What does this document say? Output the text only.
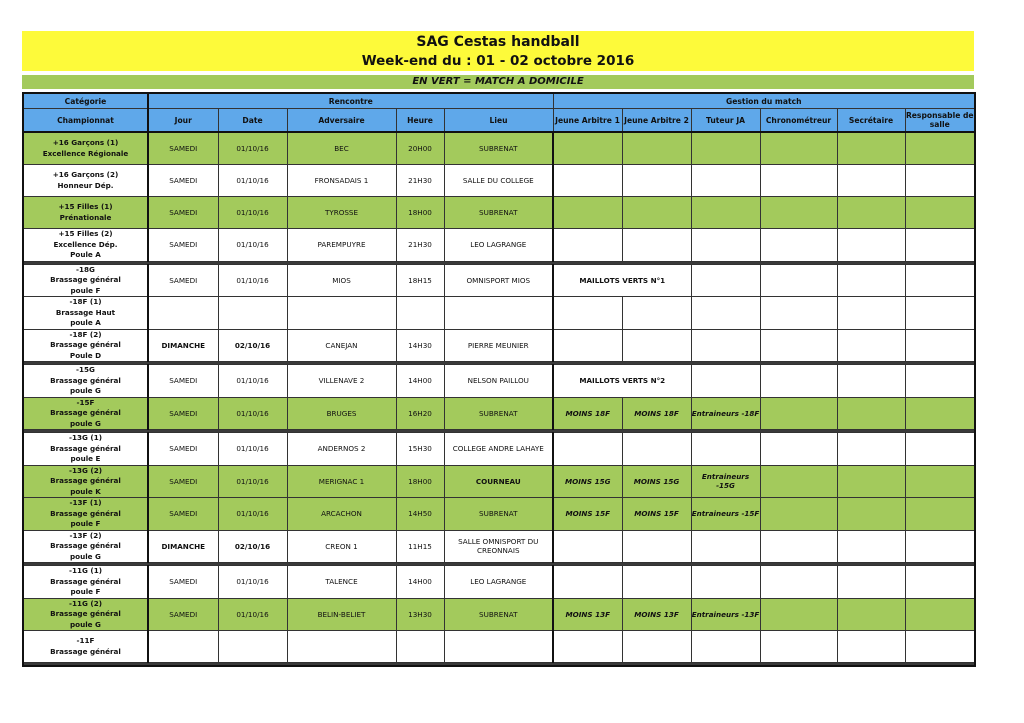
SAG Cestas handball
Week-end du : 01 - 02 octobre 2016
EN VERT = MATCH A DOMICILE
Catégorie	Rencontre					Gestion du match					
Championnat	Jour	Date	Adversaire	Heure	Lieu	Jeune Arbitre 1	Jeune Arbitre 2	Tuteur JA	Chronométreur	Secrétaire	Responsable de salle

+16 Garçons (1)
Excellence Régionale	SAMEDI	01/10/16	BEC	20H00	SUBRENAT						

+16 Garçons (2)
Honneur Dép.	SAMEDI	01/10/16	FRONSADAIS 1	21H30	SALLE DU COLLEGE						

+15 Filles (1)
Prénationale	SAMEDI	01/10/16	TYROSSE	18H00	SUBRENAT						

+15 Filles (2)
Excellence Dép.
Poule A	SAMEDI	01/10/16	PAREMPUYRE	21H30	LEO LAGRANGE						

-18G
Brassage général
poule F	SAMEDI	01/10/16	MIOS	18H15	OMNISPORT MIOS	MAILLOTS VERTS N°1					

-18F (1)
Brassage Haut
poule A											

-18F (2)
Brassage général
Poule D	DIMANCHE	02/10/16	CANEJAN	14H30	PIERRE MEUNIER						

-15G
Brassage général
poule G	SAMEDI	01/10/16	VILLENAVE 2	14H00	NELSON PAILLOU	MAILLOTS VERTS N°2					

-15F
Brassage général
poule G	SAMEDI	01/10/16	BRUGES	16H20	SUBRENAT	MOINS 18F	MOINS 18F	Entraineurs -18F			

-13G (1)
Brassage général
poule E	SAMEDI	01/10/16	ANDERNOS 2	15H30	COLLEGE ANDRE LAHAYE						

-13G (2)
Brassage général
poule K	SAMEDI	01/10/16	MERIGNAC 1	18H00	COURNEAU	MOINS 15G	MOINS 15G	Entraineurs -15G			

-13F (1)
Brassage général
poule F	SAMEDI	01/10/16	ARCACHON	14H50	SUBRENAT	MOINS 15F	MOINS 15F	Entraineurs -15F			

-13F (2)
Brassage général
poule G	DIMANCHE	02/10/16	CREON 1	11H15	SALLE OMNISPORT DU CREONNAIS						

-11G (1)
Brassage général
poule F	SAMEDI	01/10/16	TALENCE	14H00	LEO LAGRANGE						

-11G (2)
Brassage général
poule G	SAMEDI	01/10/16	BELIN-BELIET	13H30	SUBRENAT	MOINS 13F	MOINS 13F	Entraineurs -13F			

-11F
Brassage général											
